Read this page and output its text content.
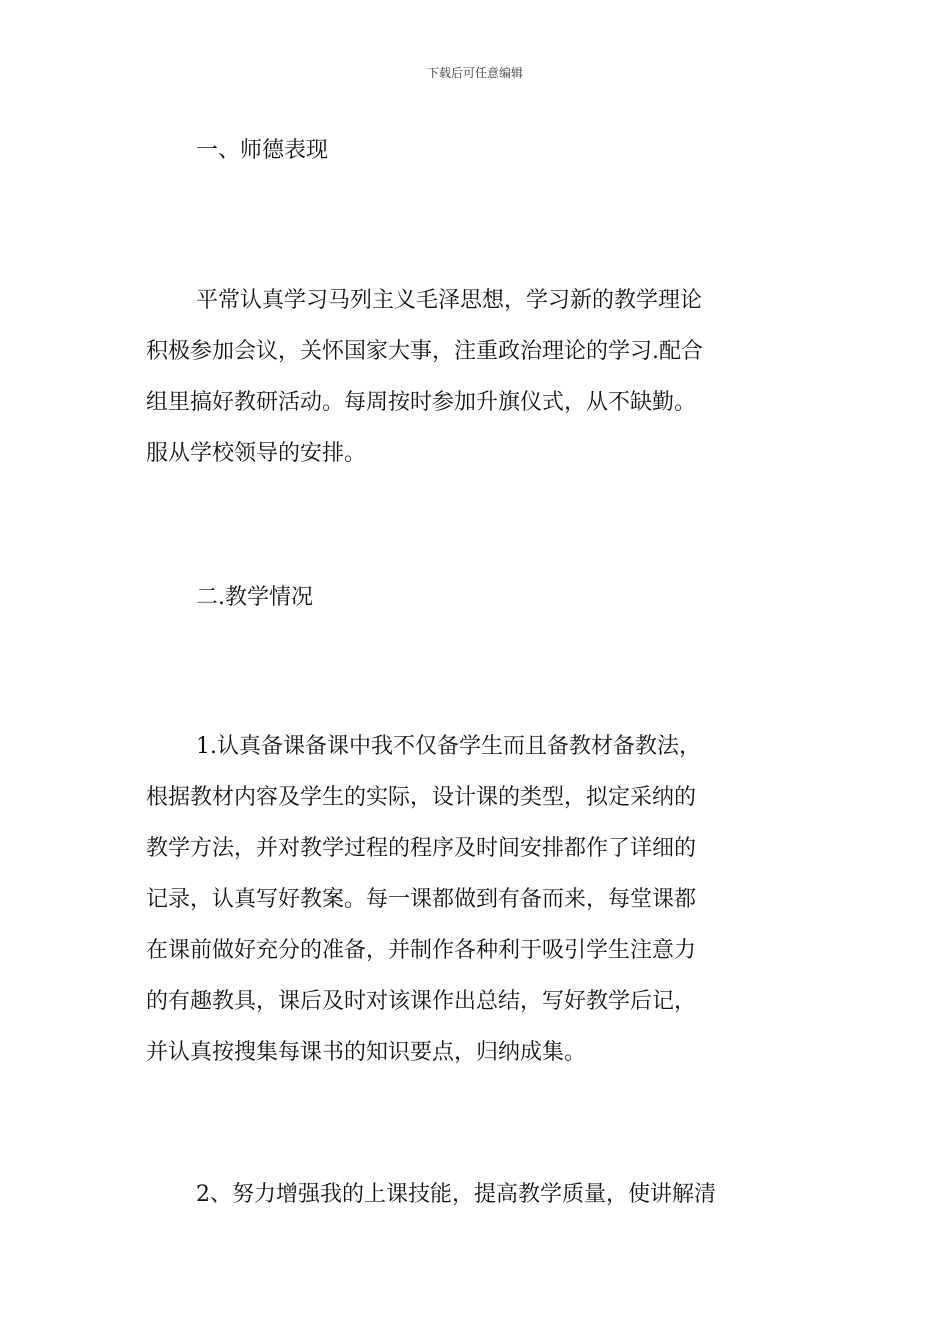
下载后可任意编辑
一、师德表现
平常认真学习马列主义毛泽思想，学习新的教学理论
积极参加会议，关怀国家大事，注重政治理论的学习.配合
组里搞好教研活动。每周按时参加升旗仪式，从不缺勤。
服从学校领导的安排。
二.教学情况
1.认真备课备课中我不仅备学生而且备教材备教法，
根据教材内容及学生的实际，设计课的类型，拟定采纳的
教学方法，并对教学过程的程序及时间安排都作了详细的
记录，认真写好教案。每一课都做到有备而来，每堂课都
在课前做好充分的准备，并制作各种利于吸引学生注意力
的有趣教具，课后及时对该课作出总结，写好教学后记，
并认真按搜集每课书的知识要点，归纳成集。
2、努力增强我的上课技能，提高教学质量，使讲解清
